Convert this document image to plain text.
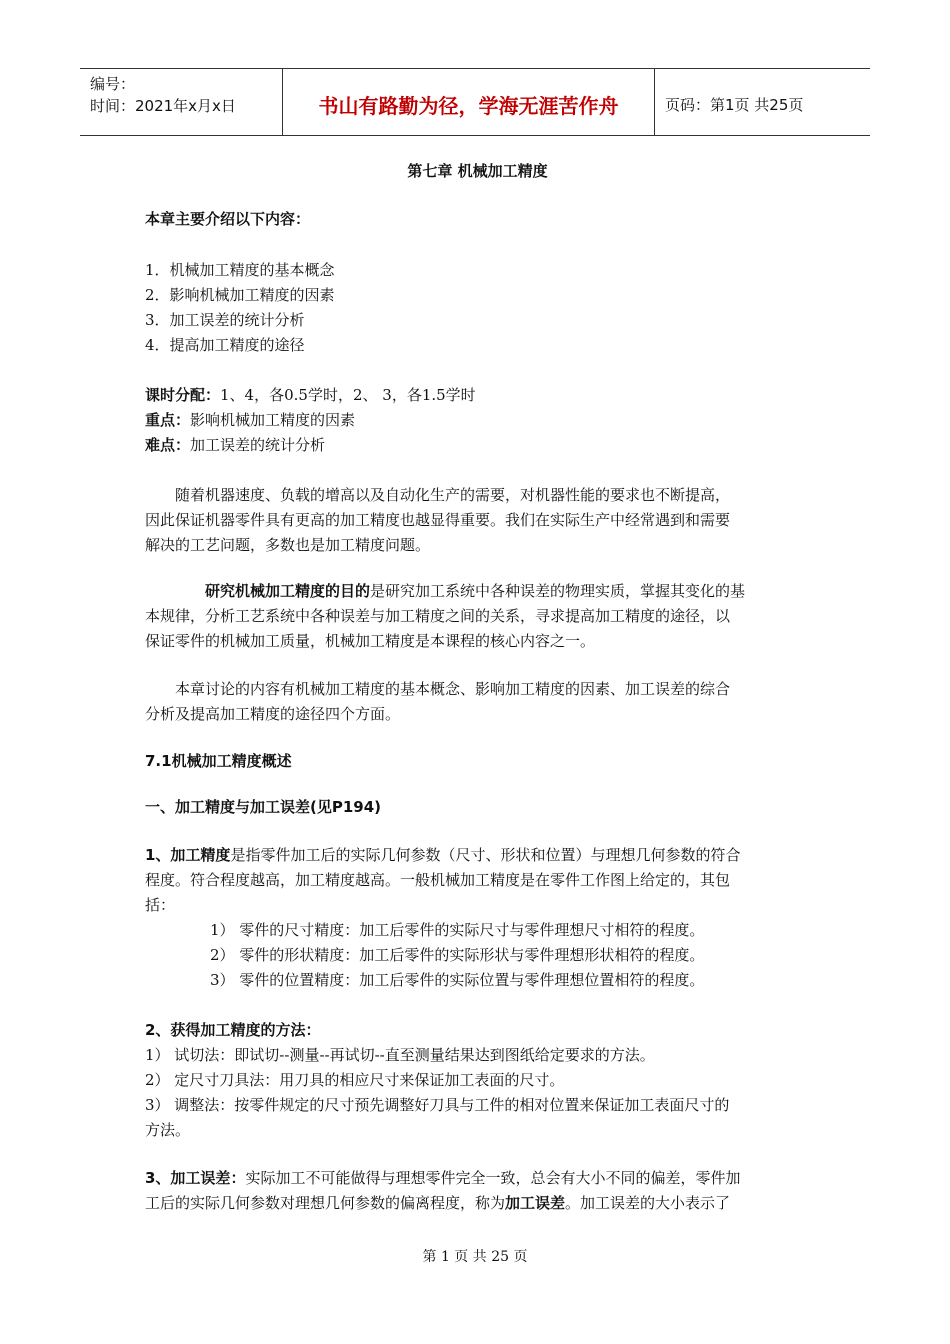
编号：
时间：2021年x月x日	书山有路勤为径，学海无涯苦作舟	页码：第1页 共25页
第七章 机械加工精度
本章主要介绍以下内容：
1．机械加工精度的基本概念
2．影响机械加工精度的因素
3．加工误差的统计分析
4．提高加工精度的途径
课时分配：1、4，各0.5学时，2、 3，各1.5学时
重点：影响机械加工精度的因素
难点：加工误差的统计分析
随着机器速度、负载的增高以及自动化生产的需要，对机器性能的要求也不断提高，
因此保证机器零件具有更高的加工精度也越显得重要。我们在实际生产中经常遇到和需要
解决的工艺问题，多数也是加工精度问题。
研究机械加工精度的目的是研究加工系统中各种误差的物理实质，掌握其变化的基
本规律，分析工艺系统中各种误差与加工精度之间的关系，寻求提高加工精度的途径，以
保证零件的机械加工质量，机械加工精度是本课程的核心内容之一。
本章讨论的内容有机械加工精度的基本概念、影响加工精度的因素、加工误差的综合
分析及提高加工精度的途径四个方面。
7.1机械加工精度概述
一、加工精度与加工误差(见P194)
1、加工精度是指零件加工后的实际几何参数（尺寸、形状和位置）与理想几何参数的符合
程度。符合程度越高，加工精度越高。一般机械加工精度是在零件工作图上给定的，其包
括：
1） 零件的尺寸精度：加工后零件的实际尺寸与零件理想尺寸相符的程度。
2） 零件的形状精度：加工后零件的实际形状与零件理想形状相符的程度。
3） 零件的位置精度：加工后零件的实际位置与零件理想位置相符的程度。
2、获得加工精度的方法：
1） 试切法：即试切--测量--再试切--直至测量结果达到图纸给定要求的方法。
2） 定尺寸刀具法：用刀具的相应尺寸来保证加工表面的尺寸。
3） 调整法：按零件规定的尺寸预先调整好刀具与工件的相对位置来保证加工表面尺寸的
方法。
3、加工误差：实际加工不可能做得与理想零件完全一致，总会有大小不同的偏差，零件加
工后的实际几何参数对理想几何参数的偏离程度，称为加工误差。加工误差的大小表示了
第 1 页 共 25 页
